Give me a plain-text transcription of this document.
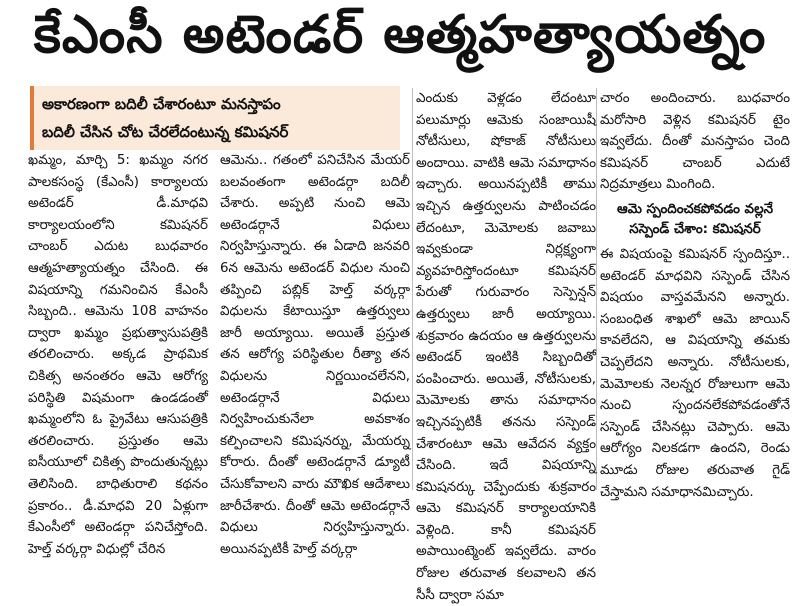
కేఎంసీ అటెండర్ ఆత్మహత్యాయత్నం
అకారణంగా బదిలీ చేశారంటూ మనస్తాపం
బదిలీ చేసిన చోట చేరలేదంటున్న కమిషనర్

ఖమ్మం, మార్చి 5: ఖమ్మం నగర పాలకసంస్థ (కేఎంసీ) కార్యాలయ అటెండర్ డీ.మాధవి కార్యాలయంలోని కమిషనర్ చాంబర్ ఎదుట బుధవారం ఆత్మహత్యాయత్నం చేసింది. ఈ విషయాన్ని గమనించిన కేఎంసీ సిబ్బంది.. ఆమెను 108 వాహనం ద్వారా ఖమ్మం ప్రభుత్వాసుపత్రికి తరలించారు. అక్కడ ప్రాథమిక చికిత్స అనంతరం ఆమె ఆరోగ్య పరిస్థితి విషమంగా ఉండడంతో ఖమ్మంలోని ఓ ప్రైవేటు ఆసుపత్రికి తరలించారు. ప్రస్తుతం ఆమె ఐసీయూలో చికిత్స పొందుతున్నట్లు తెలిసింది. బాధితురాలి కథనం ప్రకారం.. డీ.మాధవి 20 ఏళ్లుగా కేఎంసీలో అటెండర్గా పనిచేస్తోంది. హెల్త్ వర్కర్గా విధుల్లో చేరిన

ఆమెను.. గతంలో పనిచేసిన మేయర్ బలవంతంగా అటెండర్గా బదిలీ చేశారు. అప్పటి నుంచి ఆమె అటెండర్గానే విధులు నిర్వహిస్తున్నారు. ఈ ఏడాది జనవరి 6న ఆమెను అటెండర్ విధుల నుంచి తప్పించి పబ్లిక్ హెల్త్ వర్కర్గా విధులను కేటాయిస్తూ ఉత్తర్వులు జారీ అయ్యాయి. అయితే ప్రస్తుత తన ఆరోగ్య పరిస్థితుల రీత్యా తన విధులను నిర్ణయించలేనని, అటెండర్గానే విధులు నిర్వహించుకునేలా అవకాశం కల్పించాలని కమిషనర్ను, మేయర్ను కోరారు. దీంతో అటెండర్గానే డ్యూటీ చేసుకోవాలని వారు మౌఖిక ఆదేశాలు జారీచేశారు. దీంతో ఆమె అటెండర్గానే విధులు నిర్వహిస్తున్నారు. అయినప్పటికీ హెల్త్ వర్కర్గా

ఎందుకు వెళ్లడం లేదంటూ పలుమార్లు ఆమెకు సంజాయిషీ నోటీసులు, షోకాజ్ నోటీసులు అందాయి. వాటికి ఆమె సమాధానం ఇచ్చారు. అయినప్పటికీ తాము ఇచ్చిన ఉత్తర్వులను పాటించడం లేదంటూ, మెమోలకు జవాబు ఇవ్వకుండా నిర్లక్ష్యంగా వ్యవహరిస్తోందంటూ కమిషనర్ పేరుతో గురువారం సెస్పెన్షన్ ఉత్తర్వులు జారీ అయ్యాయి. శుక్రవారం ఉదయం ఆ ఉత్తర్వులను అటెండర్ ఇంటికి సిబ్బందితో పంపించారు. అయితే, నోటీసులకు, మెమోలకు తాను సమాధానం ఇచ్చినప్పటికీ తనను సస్పెండ్ చేశారంటూ ఆమె ఆవేదన వ్యక్తం చేసింది. ఇదే విషయాన్ని కమిషనర్కు చెప్పేందుకు శుక్రవారం ఆమె కమిషనర్ కార్యాలయానికి వెళ్లింది. కానీ కమిషనర్ అపాయింట్మెంట్ ఇవ్వలేదు. వారం రోజుల తరువాత కలవాలని తన సీసీ ద్వారా సమా

చారం అందించారు. బుధవారం మరోసారి వెళ్లిన కమిషనర్ టైం ఇవ్వలేదు. దీంతో మనస్తాపం చెంది కమిషనర్ చాంబర్ ఎదుటే నిద్రమాత్రలు మింగింది.

ఆమె స్పందించకపోవడం వల్లనే సస్పెండ్ చేశాం: కమిషనర్

ఈ విషయంపై కమిషనర్ స్పందిస్తూ.. అటెండర్ మాధవిని సస్పెండ్ చేసిన విషయం వాస్తవమేనని అన్నారు. సంబంధిత శాఖలో ఆమె జాయిన్ కావలేదని, ఆ విషయాన్ని తమకు చెప్పలేదని అన్నారు. నోటీసులకు, మెమోలకు నెలన్నర రోజులుగా ఆమె నుంచి స్పందనలేకపోవడంతోనే సస్పెండ్ చేసినట్లు చెప్పారు. ఆమె ఆరోగ్యం నిలకడగా ఉందని, రెండు మూడు రోజుల తరువాత గైడ్ చేస్తామని సమాధానమిచ్చారు.
